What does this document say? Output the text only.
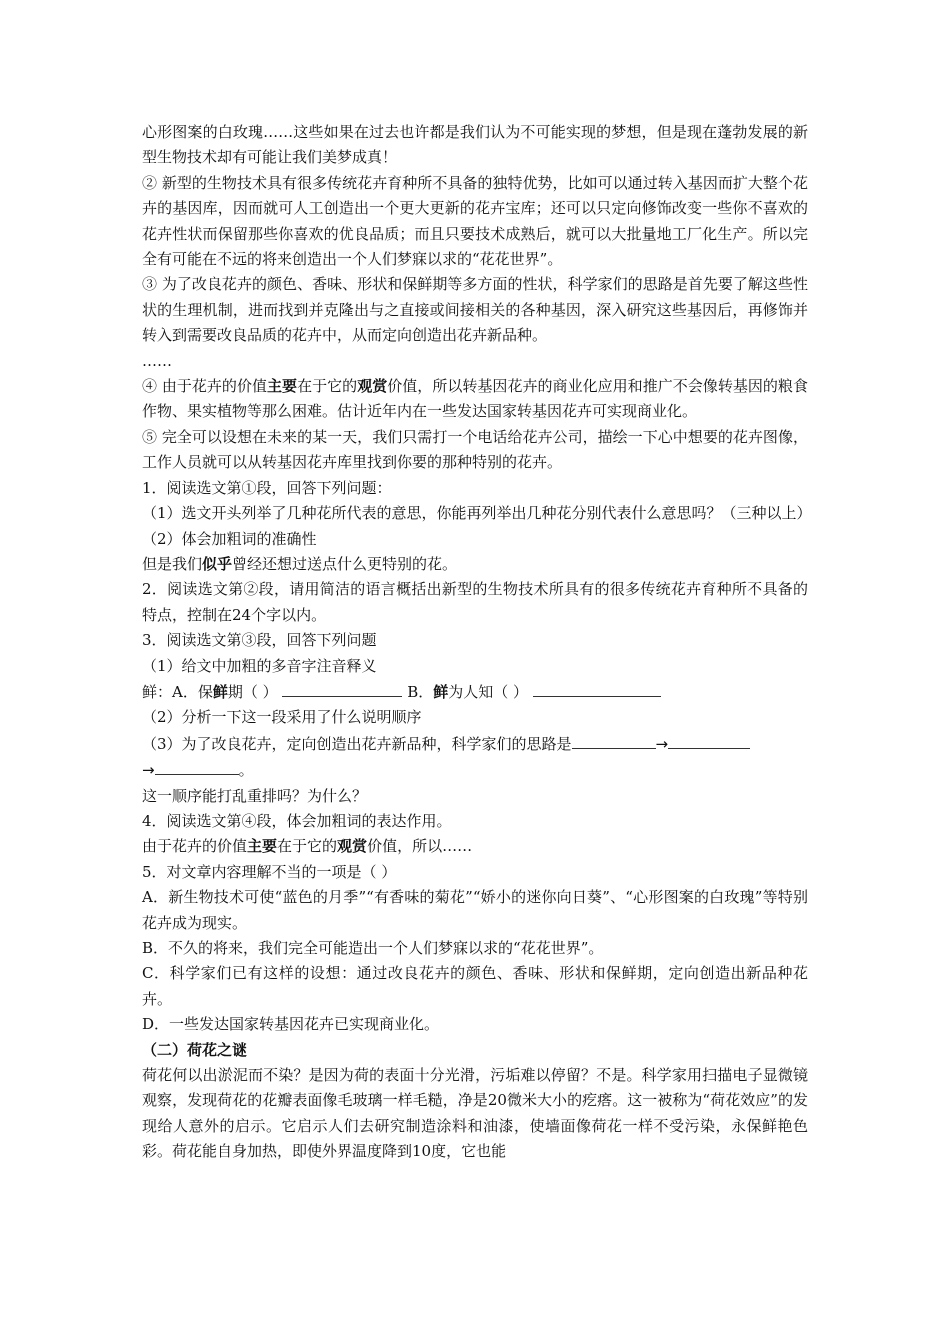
心形图案的白玫瑰……这些如果在过去也许都是我们认为不可能实现的梦想，但是现在蓬勃发展的新型生物技术却有可能让我们美梦成真！

② 新型的生物技术具有很多传统花卉育种所不具备的独特优势，比如可以通过转入基因而扩大整个花卉的基因库，因而就可人工创造出一个更大更新的花卉宝库；还可以只定向修饰改变一些你不喜欢的花卉性状而保留那些你喜欢的优良品质；而且只要技术成熟后，就可以大批量地工厂化生产。所以完全有可能在不远的将来创造出一个人们梦寐以求的“花花世界”。

③ 为了改良花卉的颜色、香味、形状和保鲜期等多方面的性状，科学家们的思路是首先要了解这些性状的生理机制，进而找到并克隆出与之直接或间接相关的各种基因，深入研究这些基因后，再修饰并转入到需要改良品质的花卉中，从而定向创造出花卉新品种。

……

④ 由于花卉的价值主要在于它的观赏价值，所以转基因花卉的商业化应用和推广不会像转基因的粮食作物、果实植物等那么困难。估计近年内在一些发达国家转基因花卉可实现商业化。

⑤ 完全可以设想在未来的某一天，我们只需打一个电话给花卉公司，描绘一下心中想要的花卉图像，工作人员就可以从转基因花卉库里找到你要的那种特别的花卉。

1．阅读选文第①段，回答下列问题：

（1）选文开头列举了几种花所代表的意思，你能再列举出几种花分别代表什么意思吗？（三种以上）

（2）体会加粗词的准确性

但是我们似乎曾经还想过送点什么更特别的花。

2．阅读选文第②段，请用简洁的语言概括出新型的生物技术所具有的很多传统花卉育种所不具备的特点，控制在24个字以内。

3．阅读选文第③段，回答下列问题

（1）给文中加粗的多音字注音释义

鲜：A．保鲜期（ ）	B．鲜为人知（ ）

（2）分析一下这一段采用了什么说明顺序

（3）为了改良花卉，定向创造出花卉新品种，科学家们的思路是	→
→	。

这一顺序能打乱重排吗？为什么？

4．阅读选文第④段，体会加粗词的表达作用。

由于花卉的价值主要在于它的观赏价值，所以……

5．对文章内容理解不当的一项是（ ）

A．新生物技术可使“蓝色的月季”“有香味的菊花”“娇小的迷你向日葵”、“心形图案的白玫瑰”等特别花卉成为现实。

B．不久的将来，我们完全可能造出一个人们梦寐以求的“花花世界”。

C．科学家们已有这样的设想：通过改良花卉的颜色、香味、形状和保鲜期，定向创造出新品种花卉。

D．一些发达国家转基因花卉已实现商业化。

（二）荷花之谜

荷花何以出淤泥而不染？是因为荷的表面十分光滑，污垢难以停留？不是。科学家用扫描电子显微镜观察，发现荷花的花瓣表面像毛玻璃一样毛糙，净是20微米大小的疙瘩。这一被称为“荷花效应”的发现给人意外的启示。它启示人们去研究制造涂料和油漆，使墙面像荷花一样不受污染，永保鲜艳色彩。荷花能自身加热，即使外界温度降到10度，它也能
